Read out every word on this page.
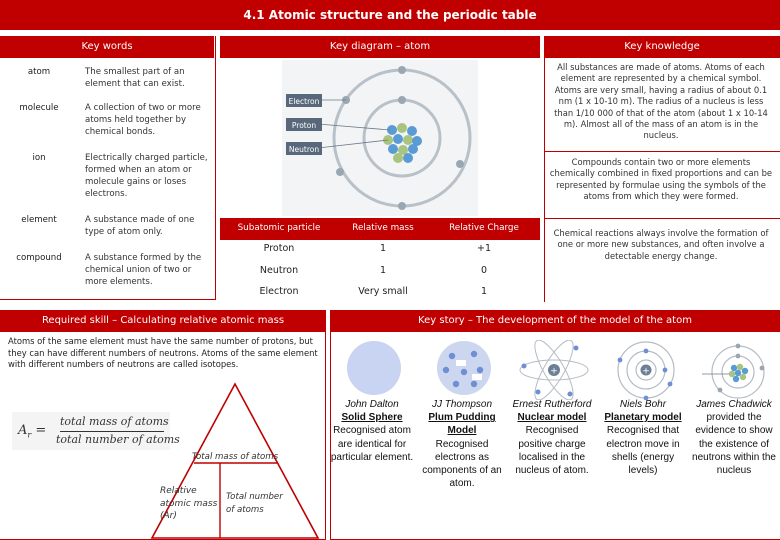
4.1 Atomic structure and the periodic table
Key words
atom	The smallest part of an element that can exist.
molecule	A collection of two or more atoms held together by chemical bonds.
ion	Electrically charged particle, formed when an atom or molecule gains or loses electrons.
element	A substance made of one type of atom only.
compound	A substance formed by the chemical union of two or more elements.
Key diagram – atom
Electron
Proton
Neutron
Subatomic particle	Relative mass	Relative Charge
Proton	1	+1
Neutron	1	0
Electron	Very small	1
Key knowledge
All substances are made of atoms. Atoms of each element are represented by a chemical symbol. Atoms are very small, having a radius of about 0.1 nm (1 x 10-10 m). The radius of a nucleus is less than 1/10 000 of that of the atom (about 1 x 10-14 m). Almost all of the mass of an atom is in the nucleus.
Compounds contain two or more elements chemically combined in fixed proportions and can be represented by formulae using the symbols of the atoms from which they were formed.
Chemical reactions always involve the formation of one or more new substances, and often involve a detectable energy change.
Required skill – Calculating relative atomic mass
Atoms of the same element must have the same number of protons, but they can have different numbers of neutrons. Atoms of the same element with different numbers of neutrons are called isotopes.
$A_r$ =
total mass of atoms
total number of atoms
Total mass of atoms
Relative atomic mass (Ar)
Total number of atoms
Key story – The development of the model of the atom
+	+
John Dalton
Solid Sphere
Recognised atom are identical for particular element.
JJ Thompson
Plum Pudding Model
Recognised electrons as components of an atom.
Ernest Rutherford
Nuclear model
Recognised positive charge localised in the nucleus of atom.
Niels Bohr
Planetary model
Recognised that electron move in shells (energy levels)
James Chadwick
provided the evidence to show the existence of neutrons within the nucleus
